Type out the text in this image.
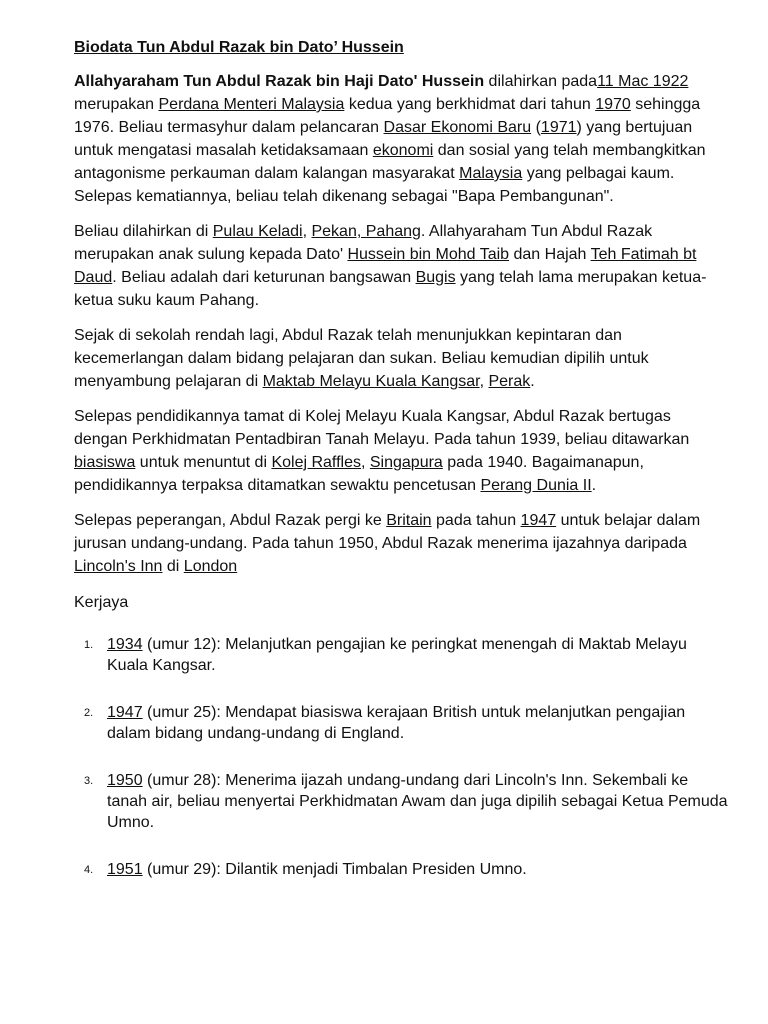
Biodata Tun Abdul Razak bin Dato’ Hussein

Allahyaraham Tun Abdul Razak bin Haji Dato' Hussein dilahirkan pada11 Mac 1922 merupakan Perdana Menteri Malaysia kedua yang berkhidmat dari tahun 1970 sehingga 1976. Beliau termasyhur dalam pelancaran Dasar Ekonomi Baru (1971) yang bertujuan untuk mengatasi masalah ketidaksamaan ekonomi dan sosial yang telah membangkitkan antagonisme perkauman dalam kalangan masyarakat Malaysia yang pelbagai kaum. Selepas kematiannya, beliau telah dikenang sebagai "Bapa Pembangunan".

Beliau dilahirkan di Pulau Keladi, Pekan, Pahang. Allahyaraham Tun Abdul Razak merupakan anak sulung kepada Dato' Hussein bin Mohd Taib dan Hajah Teh Fatimah bt Daud. Beliau adalah dari keturunan bangsawan Bugis yang telah lama merupakan ketua-ketua suku kaum Pahang.

Sejak di sekolah rendah lagi, Abdul Razak telah menunjukkan kepintaran dan kecemerlangan dalam bidang pelajaran dan sukan. Beliau kemudian dipilih untuk menyambung pelajaran di Maktab Melayu Kuala Kangsar, Perak.

Selepas pendidikannya tamat di Kolej Melayu Kuala Kangsar, Abdul Razak bertugas dengan Perkhidmatan Pentadbiran Tanah Melayu. Pada tahun 1939, beliau ditawarkan biasiswa untuk menuntut di Kolej Raffles, Singapura pada 1940. Bagaimanapun, pendidikannya terpaksa ditamatkan sewaktu pencetusan Perang Dunia II.

Selepas peperangan, Abdul Razak pergi ke Britain pada tahun 1947 untuk belajar dalam jurusan undang-undang. Pada tahun 1950, Abdul Razak menerima ijazahnya daripada Lincoln's Inn di London

Kerjaya
1. 1934 (umur 12): Melanjutkan pengajian ke peringkat menengah di Maktab Melayu Kuala Kangsar.
2. 1947 (umur 25): Mendapat biasiswa kerajaan British untuk melanjutkan pengajian dalam bidang undang-undang di England.
3. 1950 (umur 28): Menerima ijazah undang-undang dari Lincoln's Inn. Sekembali ke tanah air, beliau menyertai Perkhidmatan Awam dan juga dipilih sebagai Ketua Pemuda Umno.
4. 1951 (umur 29): Dilantik menjadi Timbalan Presiden Umno.
